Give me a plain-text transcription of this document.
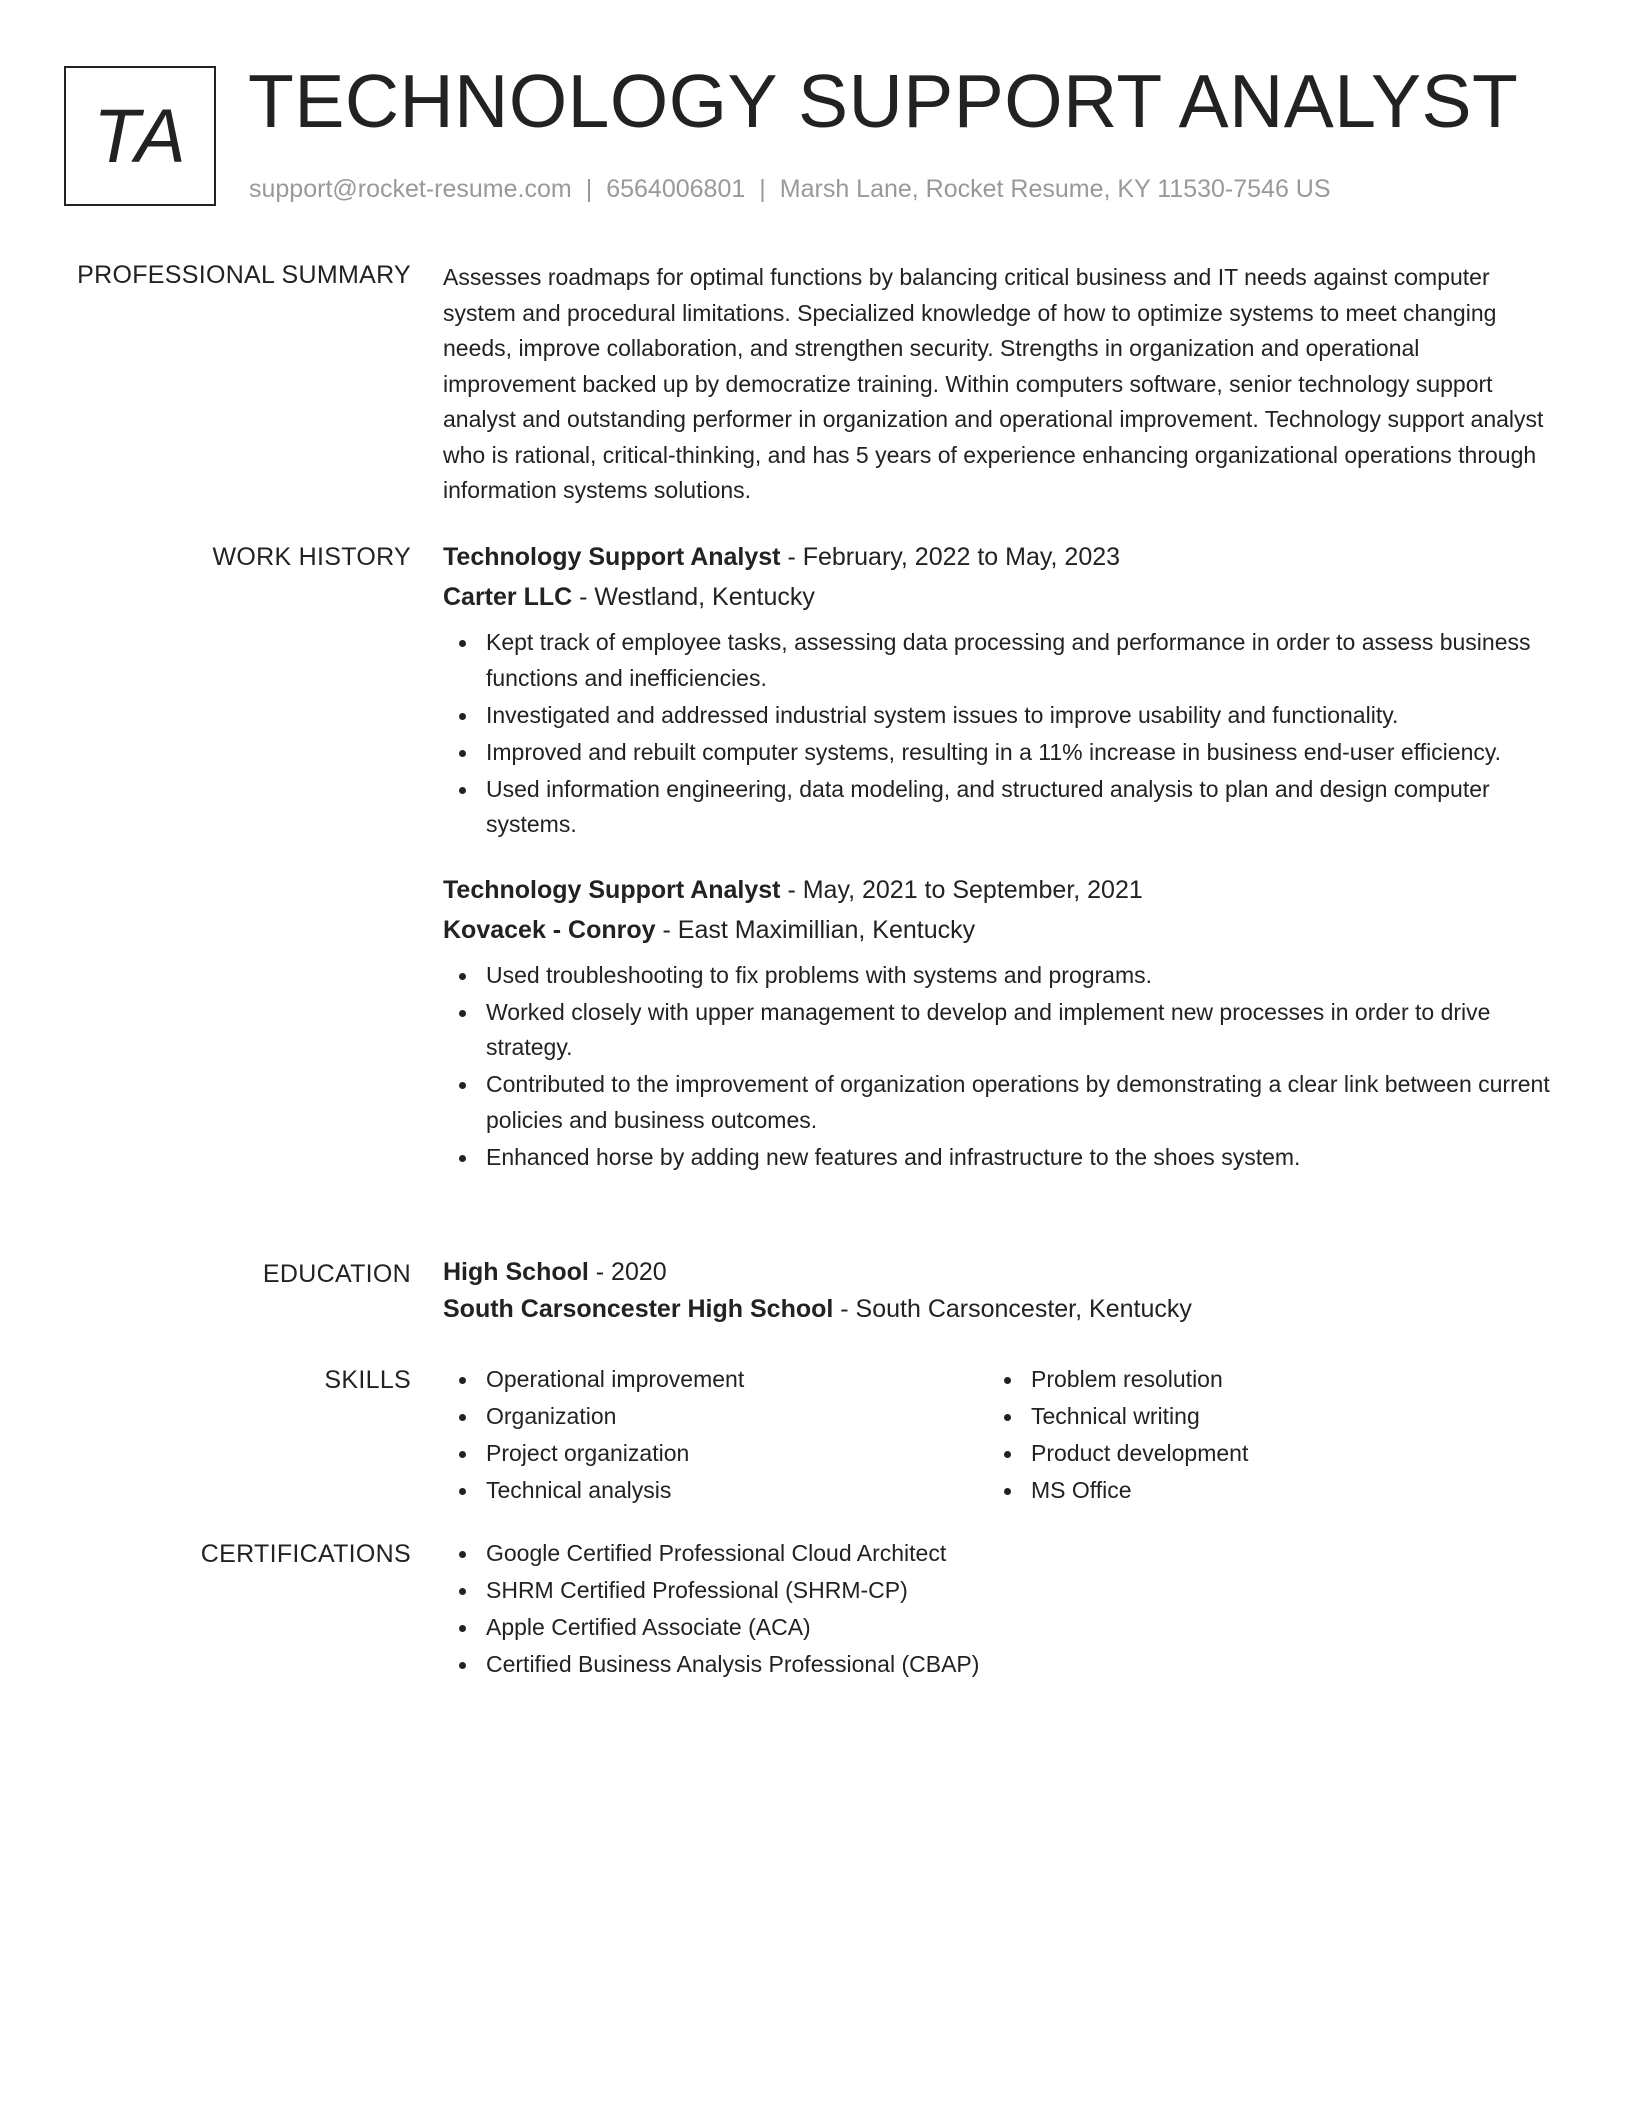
TA TECHNOLOGY SUPPORT ANALYST
support@rocket-resume.com | 6564006801 | Marsh Lane, Rocket Resume, KY 11530-7546 US
PROFESSIONAL SUMMARY Assesses roadmaps for optimal functions by balancing critical business and IT needs against computer system and procedural limitations. Specialized knowledge of how to optimize systems to meet changing needs, improve collaboration, and strengthen security. Strengths in organization and operational improvement backed up by democratize training. Within computers software, senior technology support analyst and outstanding performer in organization and operational improvement. Technology support analyst who is rational, critical-thinking, and has 5 years of experience enhancing organizational operations through information systems solutions.

WORK HISTORY Technology Support Analyst - February, 2022 to May, 2023
Carter LLC - Westland, Kentucky
Kept track of employee tasks, assessing data processing and performance in order to assess business functions and inefficiencies.
Investigated and addressed industrial system issues to improve usability and functionality.
Improved and rebuilt computer systems, resulting in a 11% increase in business end-user efficiency.
Used information engineering, data modeling, and structured analysis to plan and design computer systems.
Technology Support Analyst - May, 2021 to September, 2021
Kovacek - Conroy - East Maximillian, Kentucky
Used troubleshooting to fix problems with systems and programs.
Worked closely with upper management to develop and implement new processes in order to drive strategy.
Contributed to the improvement of organization operations by demonstrating a clear link between current policies and business outcomes.
Enhanced horse by adding new features and infrastructure to the shoes system.
EDUCATION High School - 2020
South Carsoncester High School - South Carsoncester, Kentucky
SKILLS	Operational improvement
Organization
Project organization
Technical analysis
Problem resolution
Technical writing
Product development
MS Office
CERTIFICATIONS	Google Certified Professional Cloud Architect
SHRM Certified Professional (SHRM-CP)
Apple Certified Associate (ACA)
Certified Business Analysis Professional (CBAP)
